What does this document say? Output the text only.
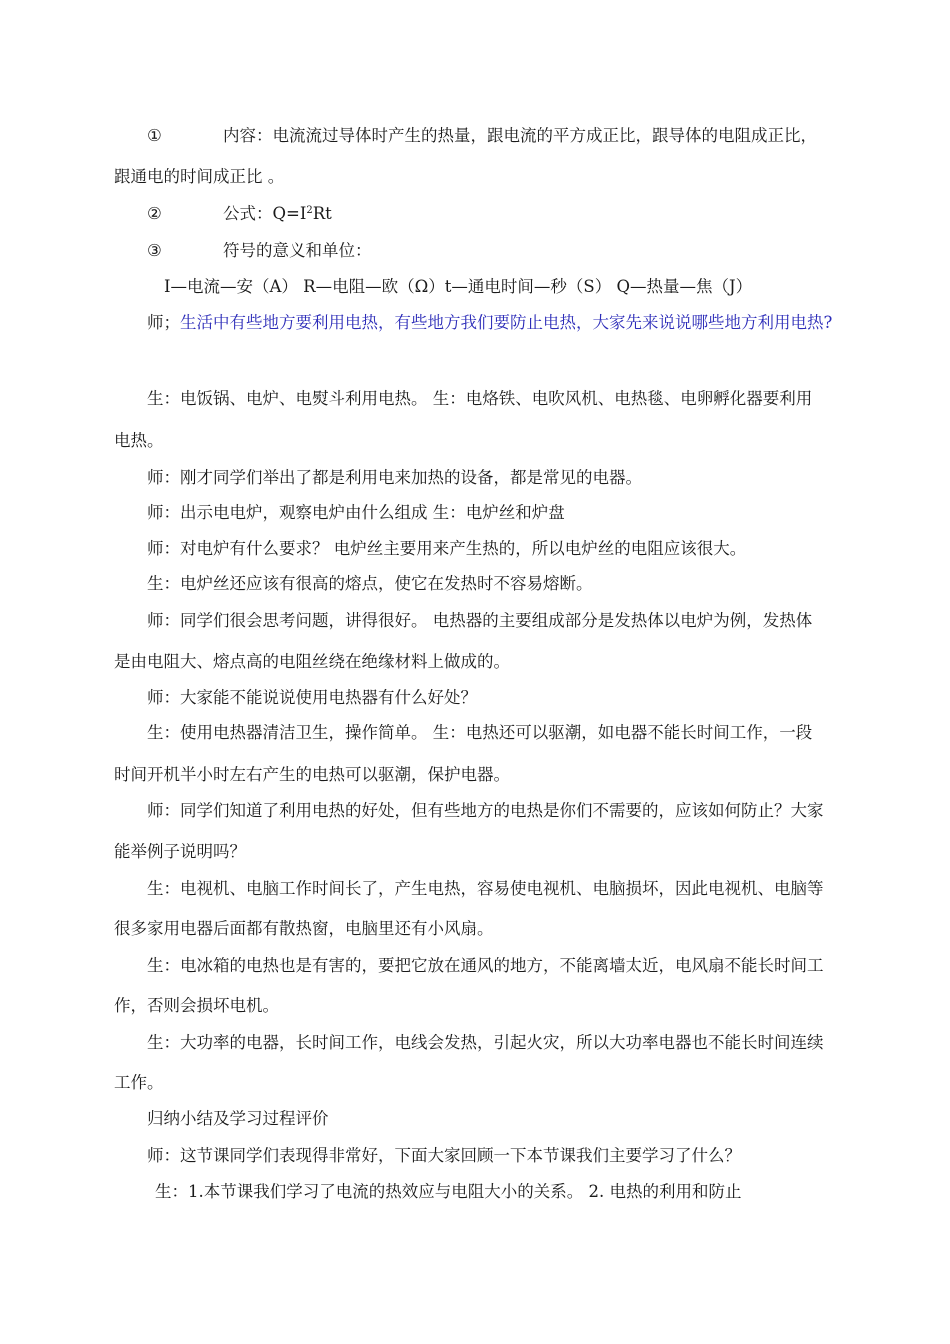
①	内容：电流流过导体时产生的热量，跟电流的平方成正比，跟导体的电阻成正比，
跟通电的时间成正比 。
②	公式：$Q=I^2Rt$
③	符号的意义和单位：
I—电流—安（A） R—电阻—欧（Ω）t—通电时间—秒（S） Q—热量—焦（J）
师；生活中有些地方要利用电热，有些地方我们要防止电热，大家先来说说哪些地方利用电热?
生：电饭锅、电炉、电熨斗利用电热。 生：电烙铁、电吹风机、电热毯、电卵孵化器要利用
电热。
师：刚才同学们举出了都是利用电来加热的设备，都是常见的电器。
师：出示电电炉，观察电炉由什么组成 生：电炉丝和炉盘
师：对电炉有什么要求？ 电炉丝主要用来产生热的，所以电炉丝的电阻应该很大。
生：电炉丝还应该有很高的熔点，使它在发热时不容易熔断。
师：同学们很会思考问题，讲得很好。 电热器的主要组成部分是发热体以电炉为例，发热体
是由电阻大、熔点高的电阻丝绕在绝缘材料上做成的。
师：大家能不能说说使用电热器有什么好处？
生：使用电热器清洁卫生，操作简单。 生：电热还可以驱潮，如电器不能长时间工作，一段
时间开机半小时左右产生的电热可以驱潮，保护电器。
师：同学们知道了利用电热的好处，但有些地方的电热是你们不需要的，应该如何防止？大家
能举例子说明吗？
生：电视机、电脑工作时间长了，产生电热，容易使电视机、电脑损坏，因此电视机、电脑等
很多家用电器后面都有散热窗，电脑里还有小风扇。
生：电冰箱的电热也是有害的，要把它放在通风的地方，不能离墙太近，电风扇不能长时间工
作，否则会损坏电机。
生：大功率的电器，长时间工作，电线会发热，引起火灾，所以大功率电器也不能长时间连续
工作。
归纳小结及学习过程评价
师：这节课同学们表现得非常好，下面大家回顾一下本节课我们主要学习了什么？
生：1.本节课我们学习了电流的热效应与电阻大小的关系。 2. 电热的利用和防止
